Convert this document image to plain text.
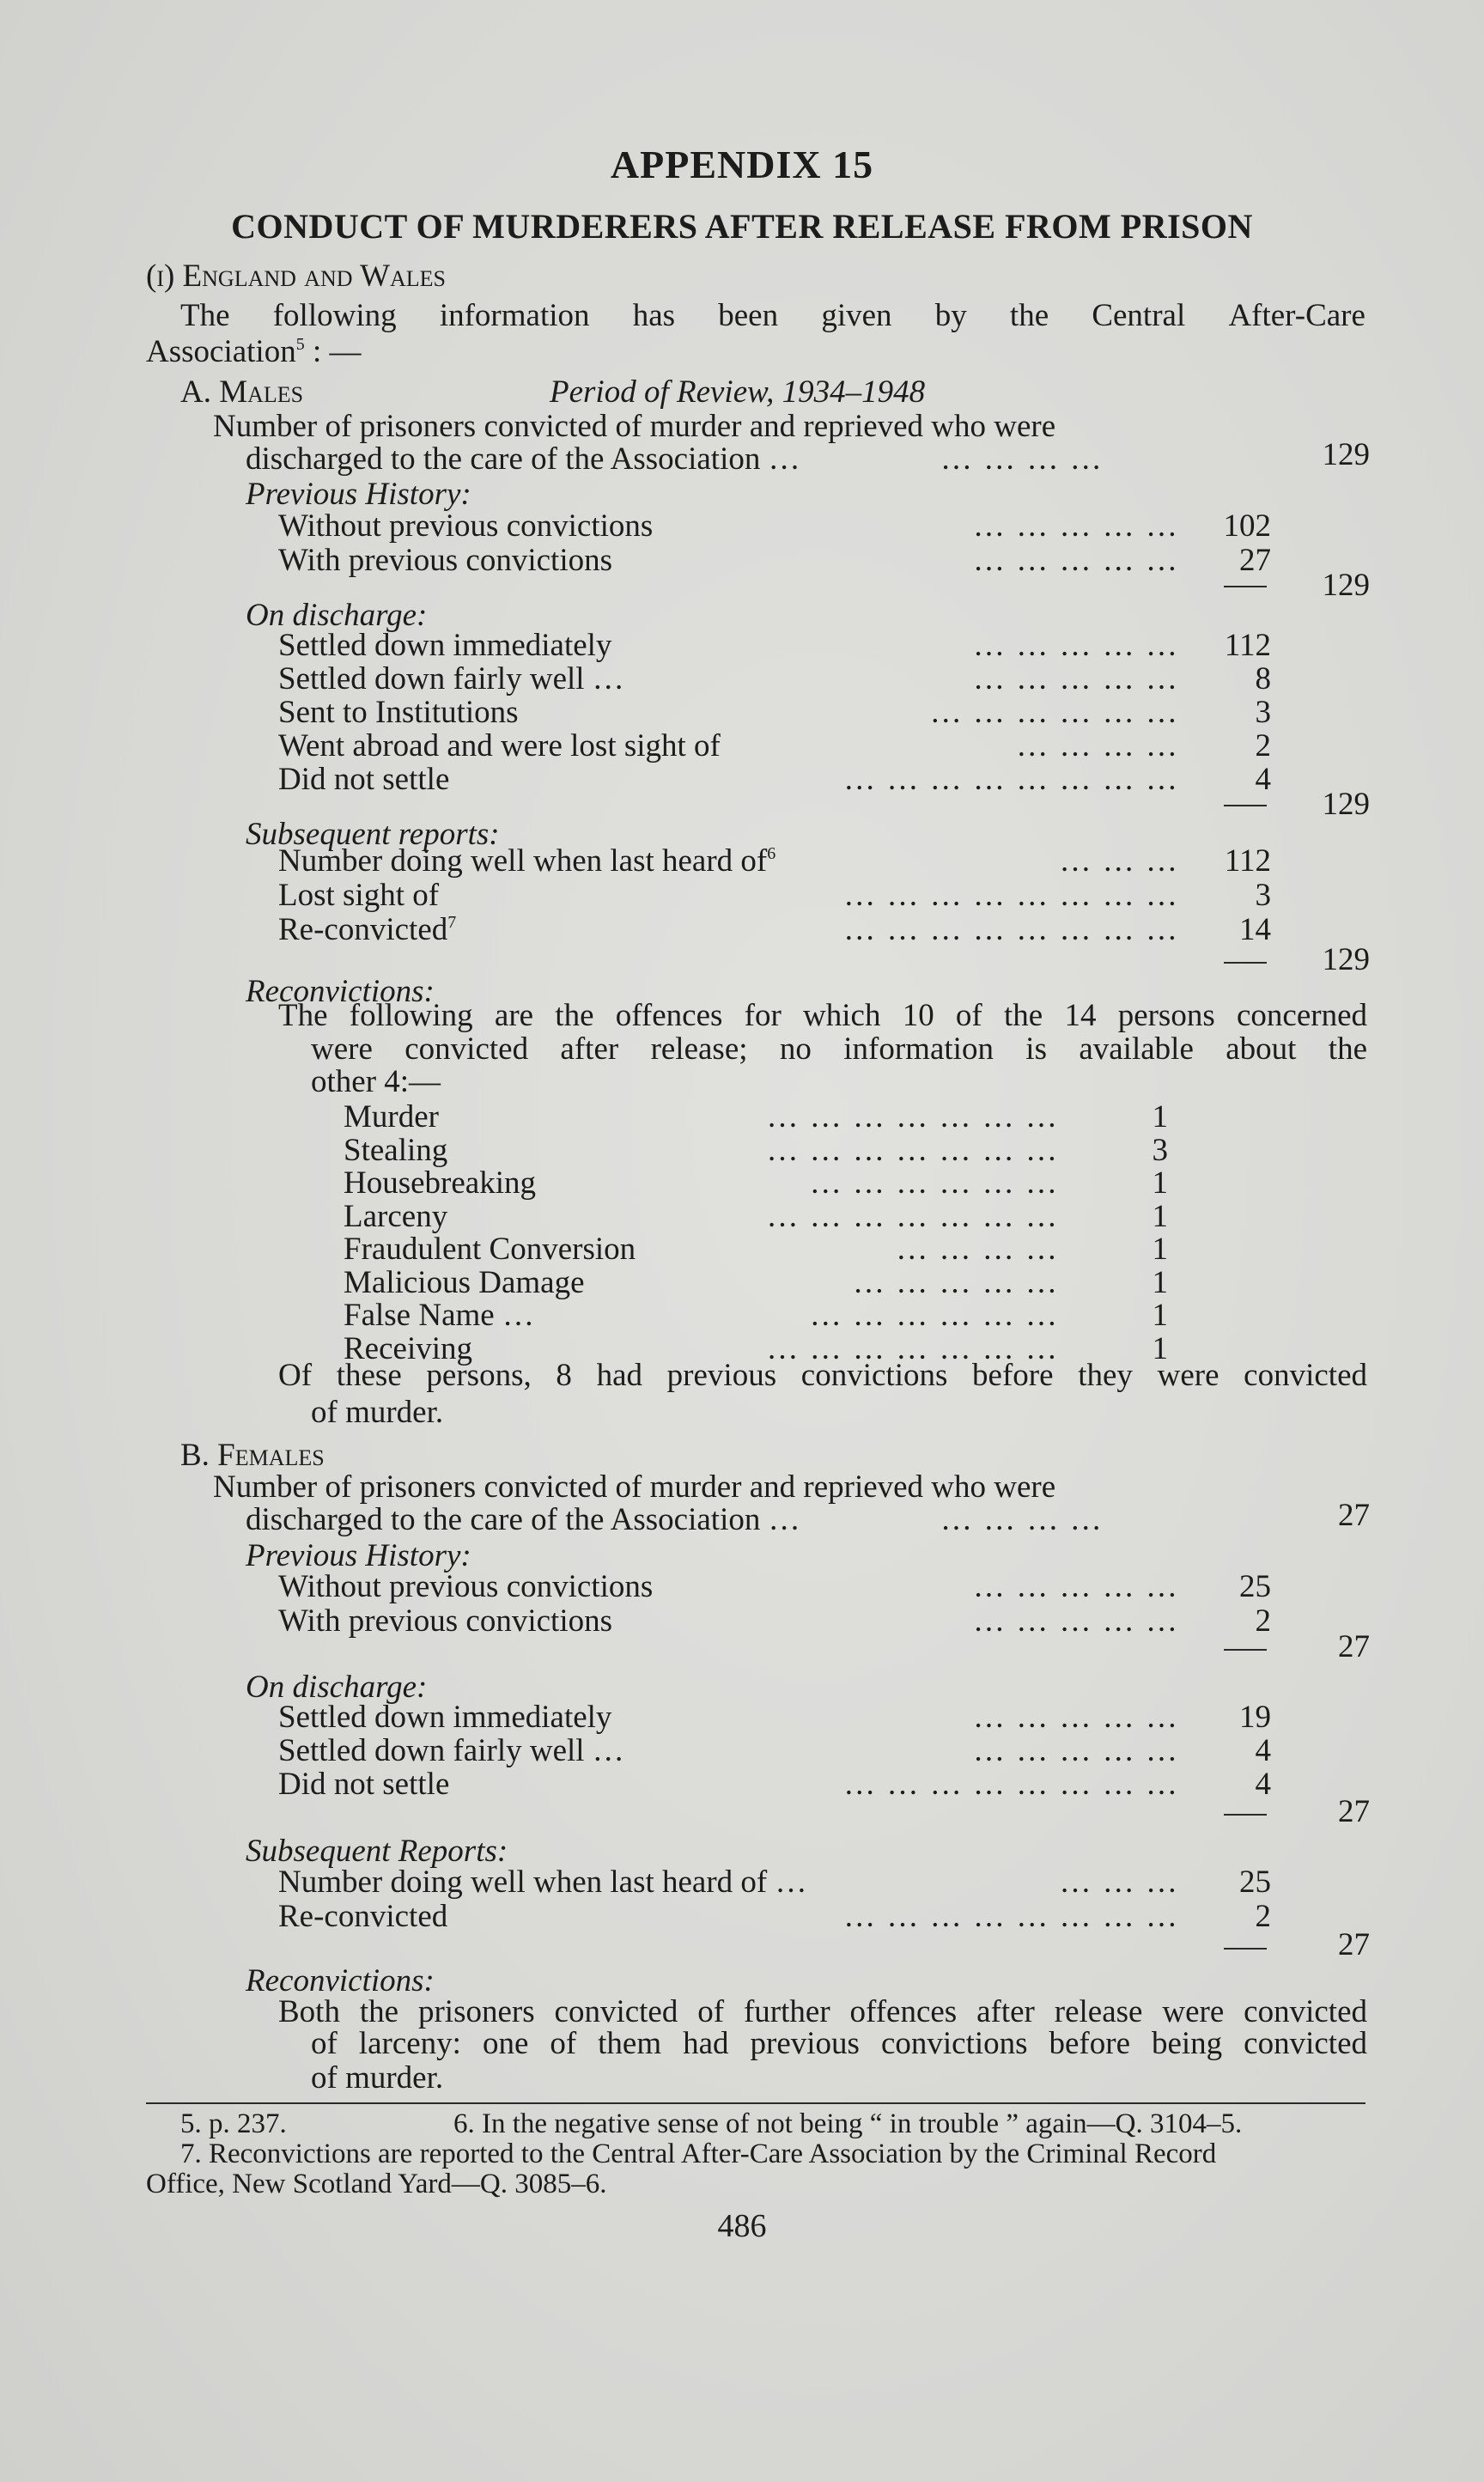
APPENDIX 15
CONDUCT OF MURDERERS AFTER RELEASE FROM PRISON
(i) England and Wales
The following information has been given by the Central After-Care
Association$^5$ : —
A. Males	Period of Review, 1934–1948
Number of prisoners convicted of murder and reprieved who were
discharged to the care of the Association …	… … … …	129
Previous History:
Without previous convictions	… … … … …	102
With previous convictions	… … … … …	27
129
On discharge:
Settled down immediately	… … … … …	112
Settled down fairly well …	… … … … …	8
Sent to Institutions	… … … … … …	3
Went abroad and were lost sight of	… … … …	2
Did not settle	… … … … … … … …	4
129
Subsequent reports:
Number doing well when last heard $of^6$	… … …	112
Lost sight of	… … … … … … … …	3
Re-convicted$^7$	… … … … … … … …	14
129
Reconvictions:
The following are the offences for which 10 of the 14 persons concerned
were convicted after release; no information is available about the
other 4:—
Murder	… … … … … … …	1
Stealing	… … … … … … …	3
Housebreaking	… … … … … …	1
Larceny	… … … … … … …	1
Fraudulent Conversion	… … … …	1
Malicious Damage	… … … … …	1
False Name …	… … … … … …	1
Receiving	… … … … … … …	1
Of these persons, 8 had previous convictions before they were convicted
of murder.
B. Females
Number of prisoners convicted of murder and reprieved who were
discharged to the care of the Association …	… … … …	27
Previous History:
Without previous convictions	… … … … …	25
With previous convictions	… … … … …	2
27
On discharge:
Settled down immediately	… … … … …	19
Settled down fairly well …	… … … … …	4
Did not settle	… … … … … … … …	4
27
Subsequent Reports:
Number doing well when last heard of …	… … …	25
Re-convicted	… … … … … … … …	2
27
Reconvictions:
Both the prisoners convicted of further offences after release were convicted
of larceny: one of them had previous convictions before being convicted
of murder.
5. p. 237.	6. In the negative sense of not being “ in trouble ” again—Q. 3104–5.
7. Reconvictions are reported to the Central After-Care Association by the Criminal Record
Office, New Scotland Yard—Q. 3085–6.
486
